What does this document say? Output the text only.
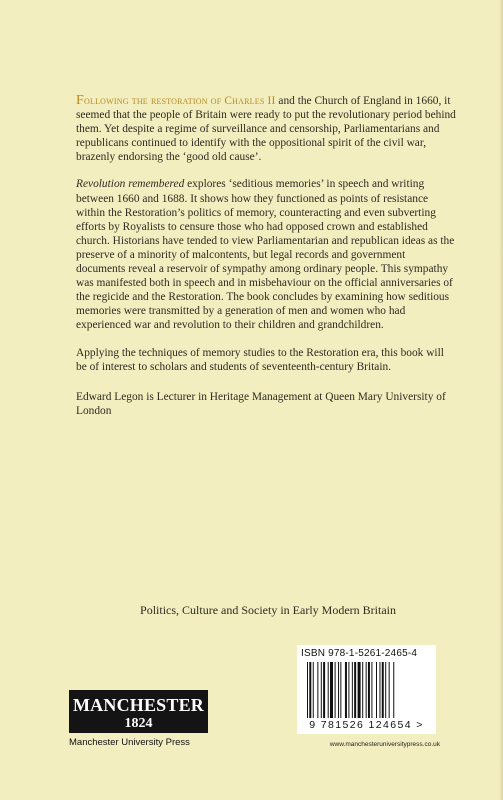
Following the restoration of Charles II and the Church of England in 1660, it seemed that the people of Britain were ready to put the revolutionary period behind them. Yet despite a regime of surveillance and censorship, Parliamentarians and republicans continued to identify with the oppositional spirit of the civil war, brazenly endorsing the ‘good old cause’.

Revolution remembered explores ‘seditious memories’ in speech and writing between 1660 and 1688. It shows how they functioned as points of resistance within the Restoration’s politics of memory, counteracting and even subverting efforts by Royalists to censure those who had opposed crown and established church. Historians have tended to view Parliamentarian and republican ideas as the preserve of a minority of malcontents, but legal records and government documents reveal a reservoir of sympathy among ordinary people. This sympathy was manifested both in speech and in misbehaviour on the official anniversaries of the regicide and the Restoration. The book concludes by examining how seditious memories were transmitted by a generation of men and women who had experienced war and revolution to their children and grandchildren.

Applying the techniques of memory studies to the Restoration era, this book will be of interest to scholars and students of seventeenth-century Britain.

Edward Legon is Lecturer in Heritage Management at Queen Mary University of London

Politics, Culture and Society in Early Modern Britain
ISBN 978-1-5261-2465-4
9 781526 124654 >
www.manchesteruniversitypress.co.uk
MANCHESTER
1824
Manchester University Press
